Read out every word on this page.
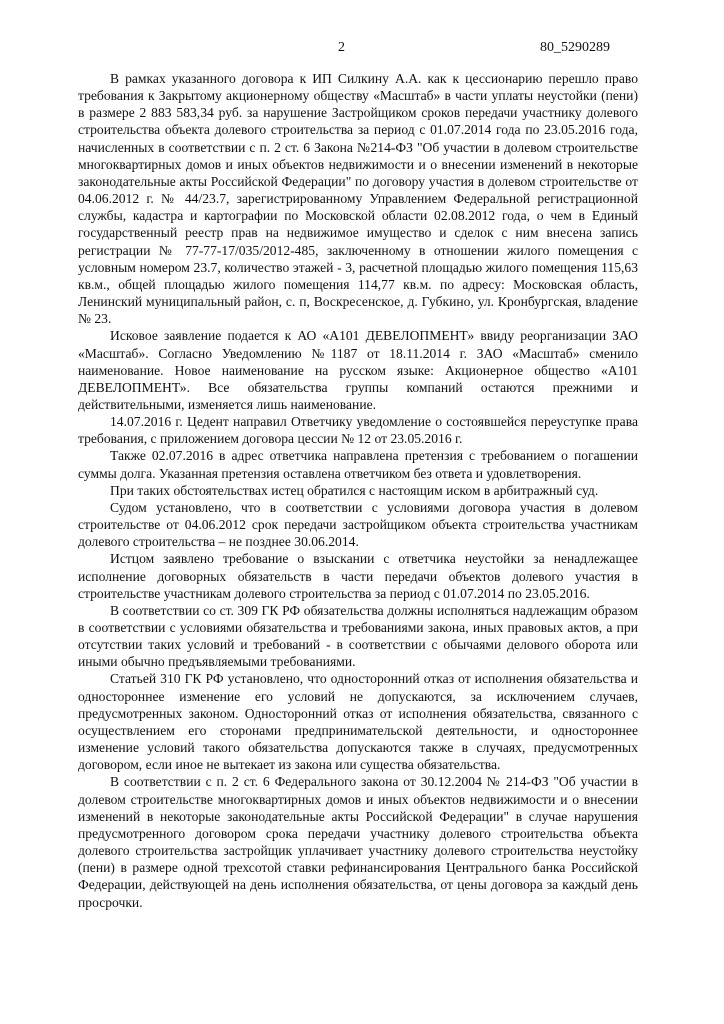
2	80_5290289

В рамках указанного договора к ИП Силкину А.А. как к цессионарию перешло право требования к Закрытому акционерному обществу «Масштаб» в части уплаты неустойки (пени) в размере 2 883 583,34 руб. за нарушение Застройщиком сроков передачи участнику долевого строительства объекта долевого строительства за период с 01.07.2014 года по 23.05.2016 года, начисленных в соответствии с п. 2 ст. 6 Закона №214-ФЗ "Об участии в долевом строительстве многоквартирных домов и иных объектов недвижимости и о внесении изменений в некоторые законодательные акты Российской Федерации" по договору участия в долевом строительстве от 04.06.2012 г. № 44/23.7, зарегистрированному Управлением Федеральной регистрационной службы, кадастра и картографии по Московской области 02.08.2012 года, о чем в Единый государственный реестр прав на недвижимое имущество и сделок с ним внесена запись регистрации № 77-77-17/035/2012-485, заключенному в отношении жилого помещения с условным номером 23.7, количество этажей - 3, расчетной площадью жилого помещения 115,63 кв.м., общей площадью жилого помещения 114,77 кв.м. по адресу: Московская область, Ленинский муниципальный район, с. п, Воскресенское, д. Губкино, ул. Кронбургская, владение № 23.

Исковое заявление подается к АО «А101 ДЕВЕЛОПМЕНТ» ввиду реорганизации ЗАО «Масштаб». Согласно Уведомлению №1187 от 18.11.2014 г. ЗАО «Масштаб» сменило наименование. Новое наименование на русском языке: Акционерное общество «А101 ДЕВЕЛОПМЕНТ». Все обязательства группы компаний остаются прежними и действительными, изменяется лишь наименование.

14.07.2016 г. Цедент направил Ответчику уведомление о состоявшейся переуступке права требования, с приложением договора цессии № 12 от 23.05.2016 г.

Также 02.07.2016 в адрес ответчика направлена претензия с требованием о погашении суммы долга. Указанная претензия оставлена ответчиком без ответа и удовлетворения.

При таких обстоятельствах истец обратился с настоящим иском в арбитражный суд.

Судом установлено, что в соответствии с условиями договора участия в долевом строительстве от 04.06.2012 срок передачи застройщиком объекта строительства участникам долевого строительства – не позднее 30.06.2014.

Истцом заявлено требование о взыскании с ответчика неустойки за ненадлежащее исполнение договорных обязательств в части передачи объектов долевого участия в строительстве участникам долевого строительства за период с 01.07.2014 по 23.05.2016.

В соответствии со ст. 309 ГК РФ обязательства должны исполняться надлежащим образом в соответствии с условиями обязательства и требованиями закона, иных правовых актов, а при отсутствии таких условий и требований - в соответствии с обычаями делового оборота или иными обычно предъявляемыми требованиями.

Статьей 310 ГК РФ установлено, что односторонний отказ от исполнения обязательства и одностороннее изменение его условий не допускаются, за исключением случаев, предусмотренных законом. Односторонний отказ от исполнения обязательства, связанного с осуществлением его сторонами предпринимательской деятельности, и одностороннее изменение условий такого обязательства допускаются также в случаях, предусмотренных договором, если иное не вытекает из закона или существа обязательства.

В соответствии с п. 2 ст. 6 Федерального закона от 30.12.2004 № 214-ФЗ "Об участии в долевом строительстве многоквартирных домов и иных объектов недвижимости и о внесении изменений в некоторые законодательные акты Российской Федерации" в случае нарушения предусмотренного договором срока передачи участнику долевого строительства объекта долевого строительства застройщик уплачивает участнику долевого строительства неустойку (пени) в размере одной трехсотой ставки рефинансирования Центрального банка Российской Федерации, действующей на день исполнения обязательства, от цены договора за каждый день просрочки.
